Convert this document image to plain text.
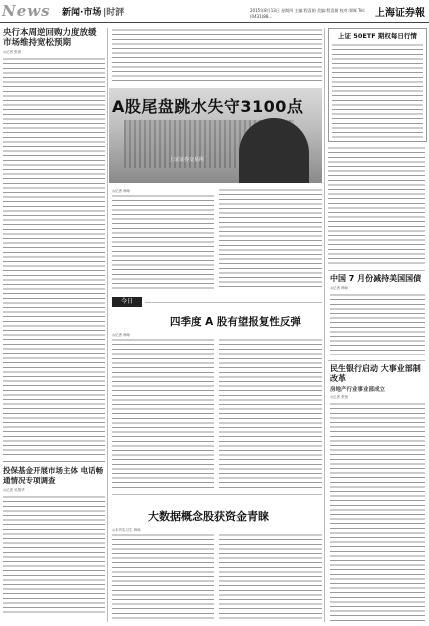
News 新闻·市场 |时評	2015年8月13日 星期四 主编:程喜娟 美编:程喜娟 校对:郑辉 Tel:(0431)88...	上海证券報
央行本周逆回购力度放缓 市场维持宽松预期
◎记者 张茜
投保基金开展市场主体 电话畅通情况专项调查
◎记者 吴黎华
上证证券交易所
A股尾盘跳水失守3100点
◎记者 韩咏
今日
四季度 A 股有望报复性反弹
◎记者 韩咏
大数据概念股获资金青睐
◎本刊实习生 韩咏
上证 50ETF 期权每日行情
中国 7 月份减持美国国债
◎记者 韩咏
民生银行启动 大事业部制改革
房地产行业事业部成立
◎记者 张茜
